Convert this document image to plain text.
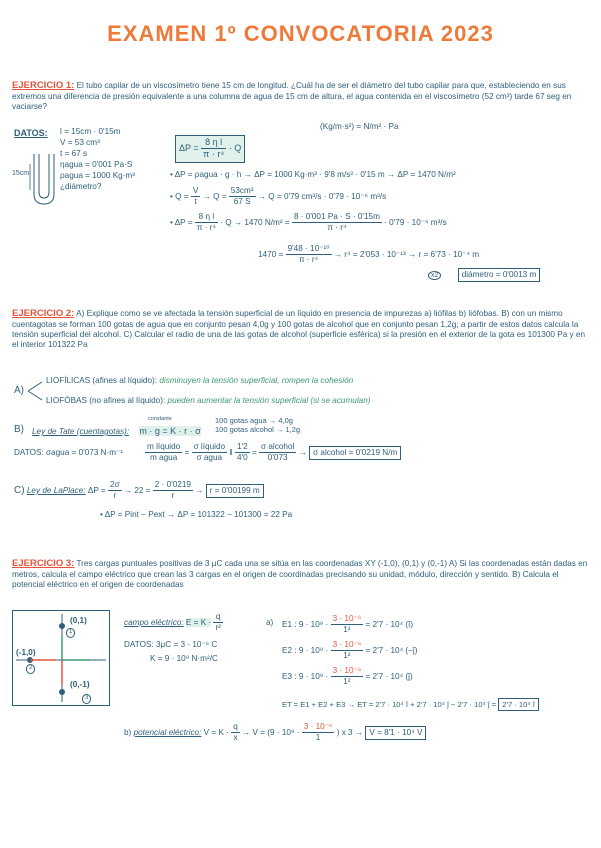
EXAMEN 1º CONVOCATORIA 2023
EJERCICIO 1: El tubo capilar de un viscosímetro tiene 15 cm de longitud. ¿Cuál ha de ser el diámetro del tubo capilar para que, estableciendo en sus extremos una diferencia de presión equivalente a una columna de agua de 15 cm de altura, el agua contenida en el viscosímetro (52 cm³) tarde 67 seg en vaciarse?
DATOS:	l = 15cm · 0'15m
V = 53 cm³
t = 67 s
ηagua = 0'001 Pa·S
ρagua = 1000 Kg·m³
¿diámetro?
15cm
(Kg/m·s²) = N/m² · Pa
$\Delta P = \frac{\text{8 η l}}{\text{π · r⁴}} \cdot Q$
• ΔP = ρagua · g · h → ΔP = 1000 Kg·m³ · 9'8 m/s² · 0'15 m → ΔP = 1470 N/m²
• $Q = \frac{V}{t} \to Q = \frac{\text{53cm³}}{67 S} \to Q = 0'79$ cm³/s · 0'79 · 10⁻⁶ m³/s
• $\Delta P = \frac{\text{8 η l}}{\text{π · r⁴}} \cdot Q \to 1470$ $N/m^2 = \frac{8 \cdot 0'001 Pa \cdot S \cdot 0'15m}{\text{π · r⁴}} \cdot 0'79 \cdot 10^{-6}$ m³/s
$1470 = \frac{\text{9'48 · 10⁻¹⁰}}{\text{π · r⁴}} \to r^4 = 2'053 \cdot 10^{-13} \to r = 6'73 \cdot 10^{-4}$ m
x2	diámetro = 0'0013 m
EJERCICIO 2: A) Explique como se ve afectada la tensión superficial de un líquido en presencia de impurezas a) liófilas b) liófobas. B) con un mismo cuentagotas se forman 100 gotas de agua que en conjunto pesan 4,0g y 100 gotas de alcohol que en conjunto pesan 1,2g; a partir de estos datos calcula la tensión superficial del alcohol. C) Calcular el radio de una de las gotas de alcohol (superficie esférica) si la presión en el exterior de la gota es 101300 Pa y en el interior 101322 Pa
A)
LIOFÍLICAS (afines al líquido): disminuyen la tensión superficial, rompen la cohesión
LIOFÓBAS (no afines al líquido): pueden aumentar la tensión superficial (si se acumulan)
B) Ley de Tate (cuentagotas): m · g = K · r · σ
constante	100 gotas agua → 4,0g
100 gotas alcohol → 1,2g
$\frac{\text{m líquido}}{\text{m agua}} = \frac{\text{σ líquido}}{\text{σ agua}}$ ‖ $\frac{1'2}{4'0} = \frac{\text{σ alcohol}}{0'073} \to \sigma$ alcohol = 0'0219 N/m
DATOS: σagua = 0'073 N·m⁻¹
C) Ley de LaPlace: $\Delta P = \frac{2\sigma}{r} \to 22 = \frac{2 \cdot 0'0219}{r} \to r = 0'00199$ m
• ΔP = Pint − Pext → ΔP = 101322 − 101300 = 22 Pa
EJERCICIO 3: Tres cargas puntuales positivas de 3 μC cada una se sitúa en las coordenadas XY (-1,0), (0,1) y (0,-1) A) Si las coordenadas están dadas en metros, calcula el campo eléctrico que crean las 3 cargas en el origen de coordinadas precisando su unidad, módulo, dirección y sentido. B) Calcula el potencial eléctrico en el origen de coordenadas
(0,1)
(-1,0)
(0,-1)
1
2
3
campo eléctrico: $E = K \cdot \frac{q}{\text{r²}}$
DATOS: 3μC = 3 · 10⁻⁶ C
K = 9 · 10⁹ N·m²/C
a) E1 : $9 \cdot 10^9 \cdot \frac{\text{3 · 10⁻⁶}}{\text{1²}} = 2'7 \cdot 10^4$ (î)
E2 : $9 \cdot 10^9 \cdot \frac{\text{3 · 10⁻⁶}}{\text{1²}} = 2'7 \cdot 10^4$ (−ĵ)
E3 : $9 \cdot 10^9 \cdot \frac{\text{3 · 10⁻⁶}}{\text{1²}} = 2'7 \cdot 10^4$ (ĵ)
ET = E1 + E2 + E3 → ET = 2'7 · 10⁴ î + 2'7 · 10⁴ ĵ − 2'7 · 10⁴ ĵ = 2'7 · 10⁴ î
b) potencial eléctrico: $V = K \cdot \frac{q}{x} \to V = (9 \cdot 10^9 \cdot \frac{\text{3 · 10⁻⁶}}{1}$ ) x 3 → V = 8'1 · 10⁴ V
